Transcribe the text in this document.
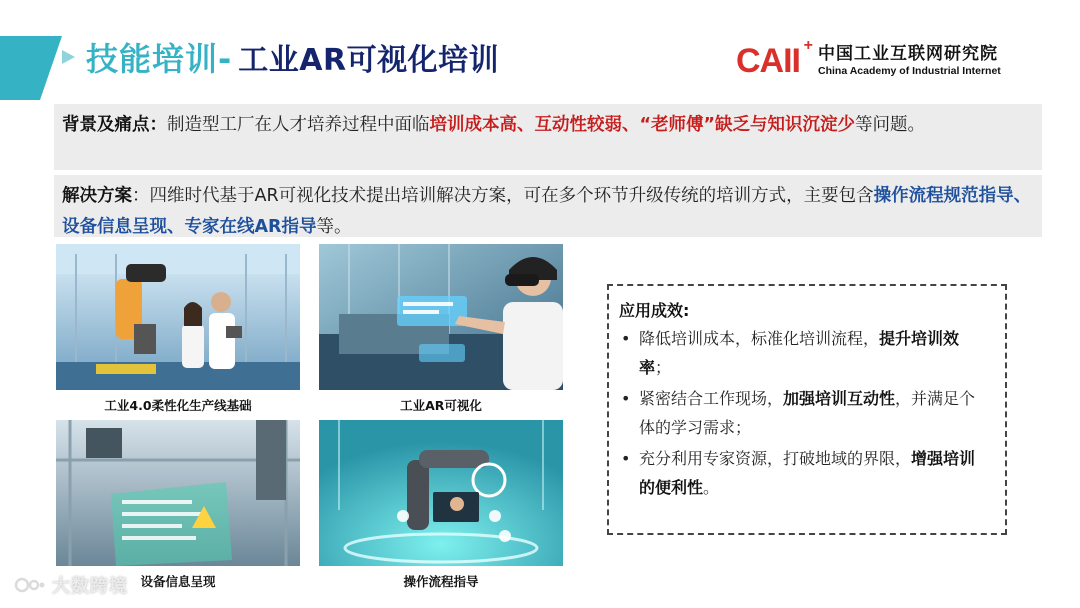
技能培训- 工业AR可视化培训	CAII + 中国工业互联网研究院
China Academy of Industrial Internet
背景及痛点：制造型工厂在人才培养过程中面临培训成本高、互动性较弱、“老师傅”缺乏与知识沉淀少等问题。
解决方案：四维时代基于AR可视化技术提出培训解决方案，可在多个环节升级传统的培训方式，主要包含操作流程规范指导、设备信息呈现、专家在线AR指导等。
工业4.0柔性化生产线基础	工业AR可视化
设备信息呈现	操作流程指导
应用成效:
• 降低培训成本，标准化培训流程，提升培训效率；
• 紧密结合工作现场，加强培训互动性，并满足个体的学习需求；
• 充分利用专家资源，打破地域的界限，增强培训的便利性。
大数跨境
